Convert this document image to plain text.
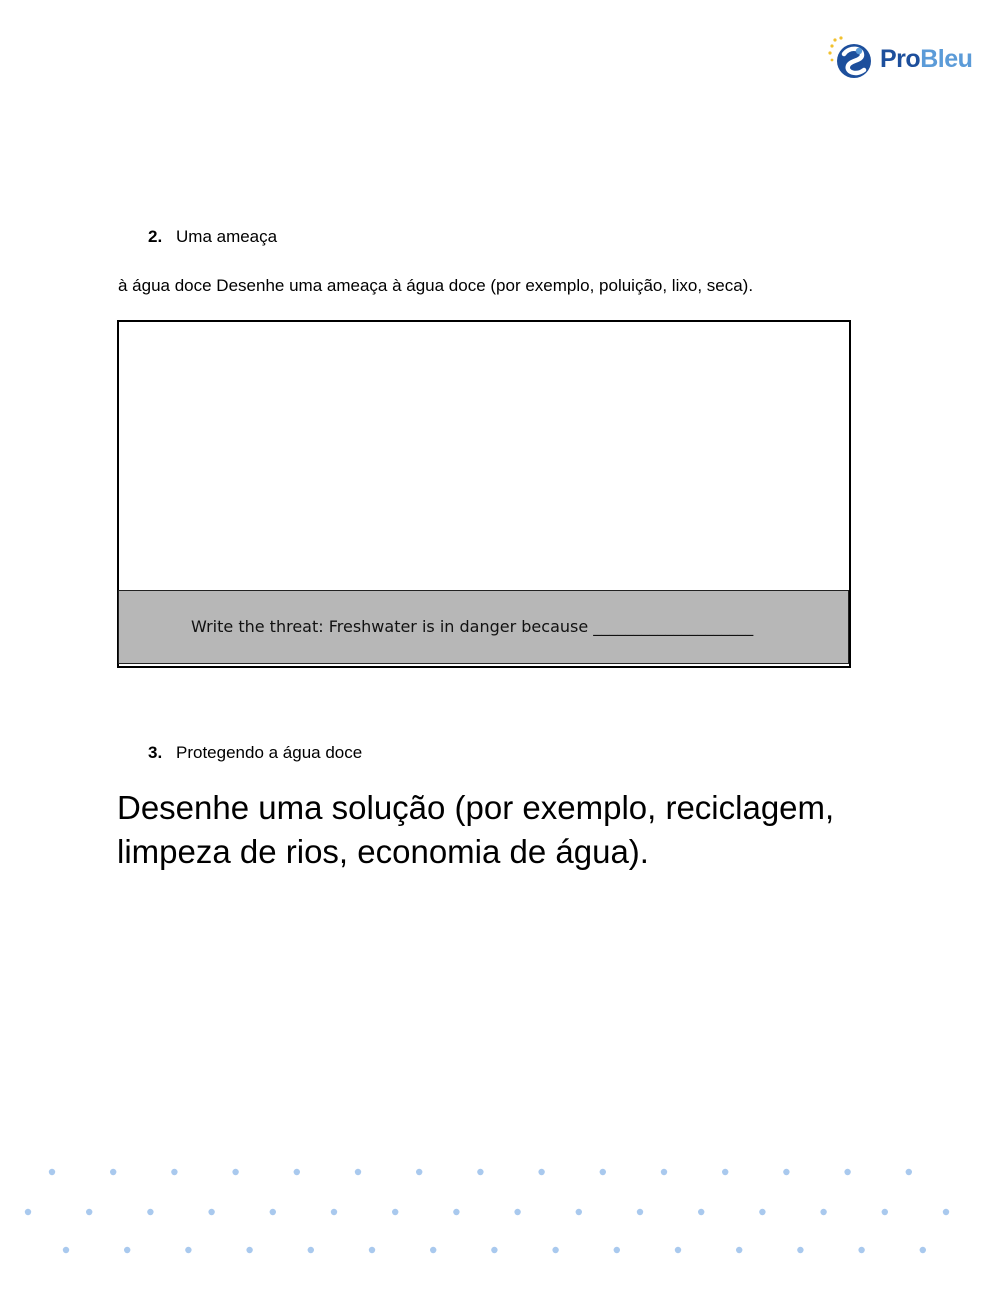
ProBleu
2. Uma ameaça
à água doce Desenhe uma ameaça à água doce (por exemplo, poluição, lixo, seca).
Write the threat: Freshwater is in danger because ____________________
3. Protegendo a água doce
Desenhe uma solução (por exemplo, reciclagem,
limpeza de rios, economia de água).
